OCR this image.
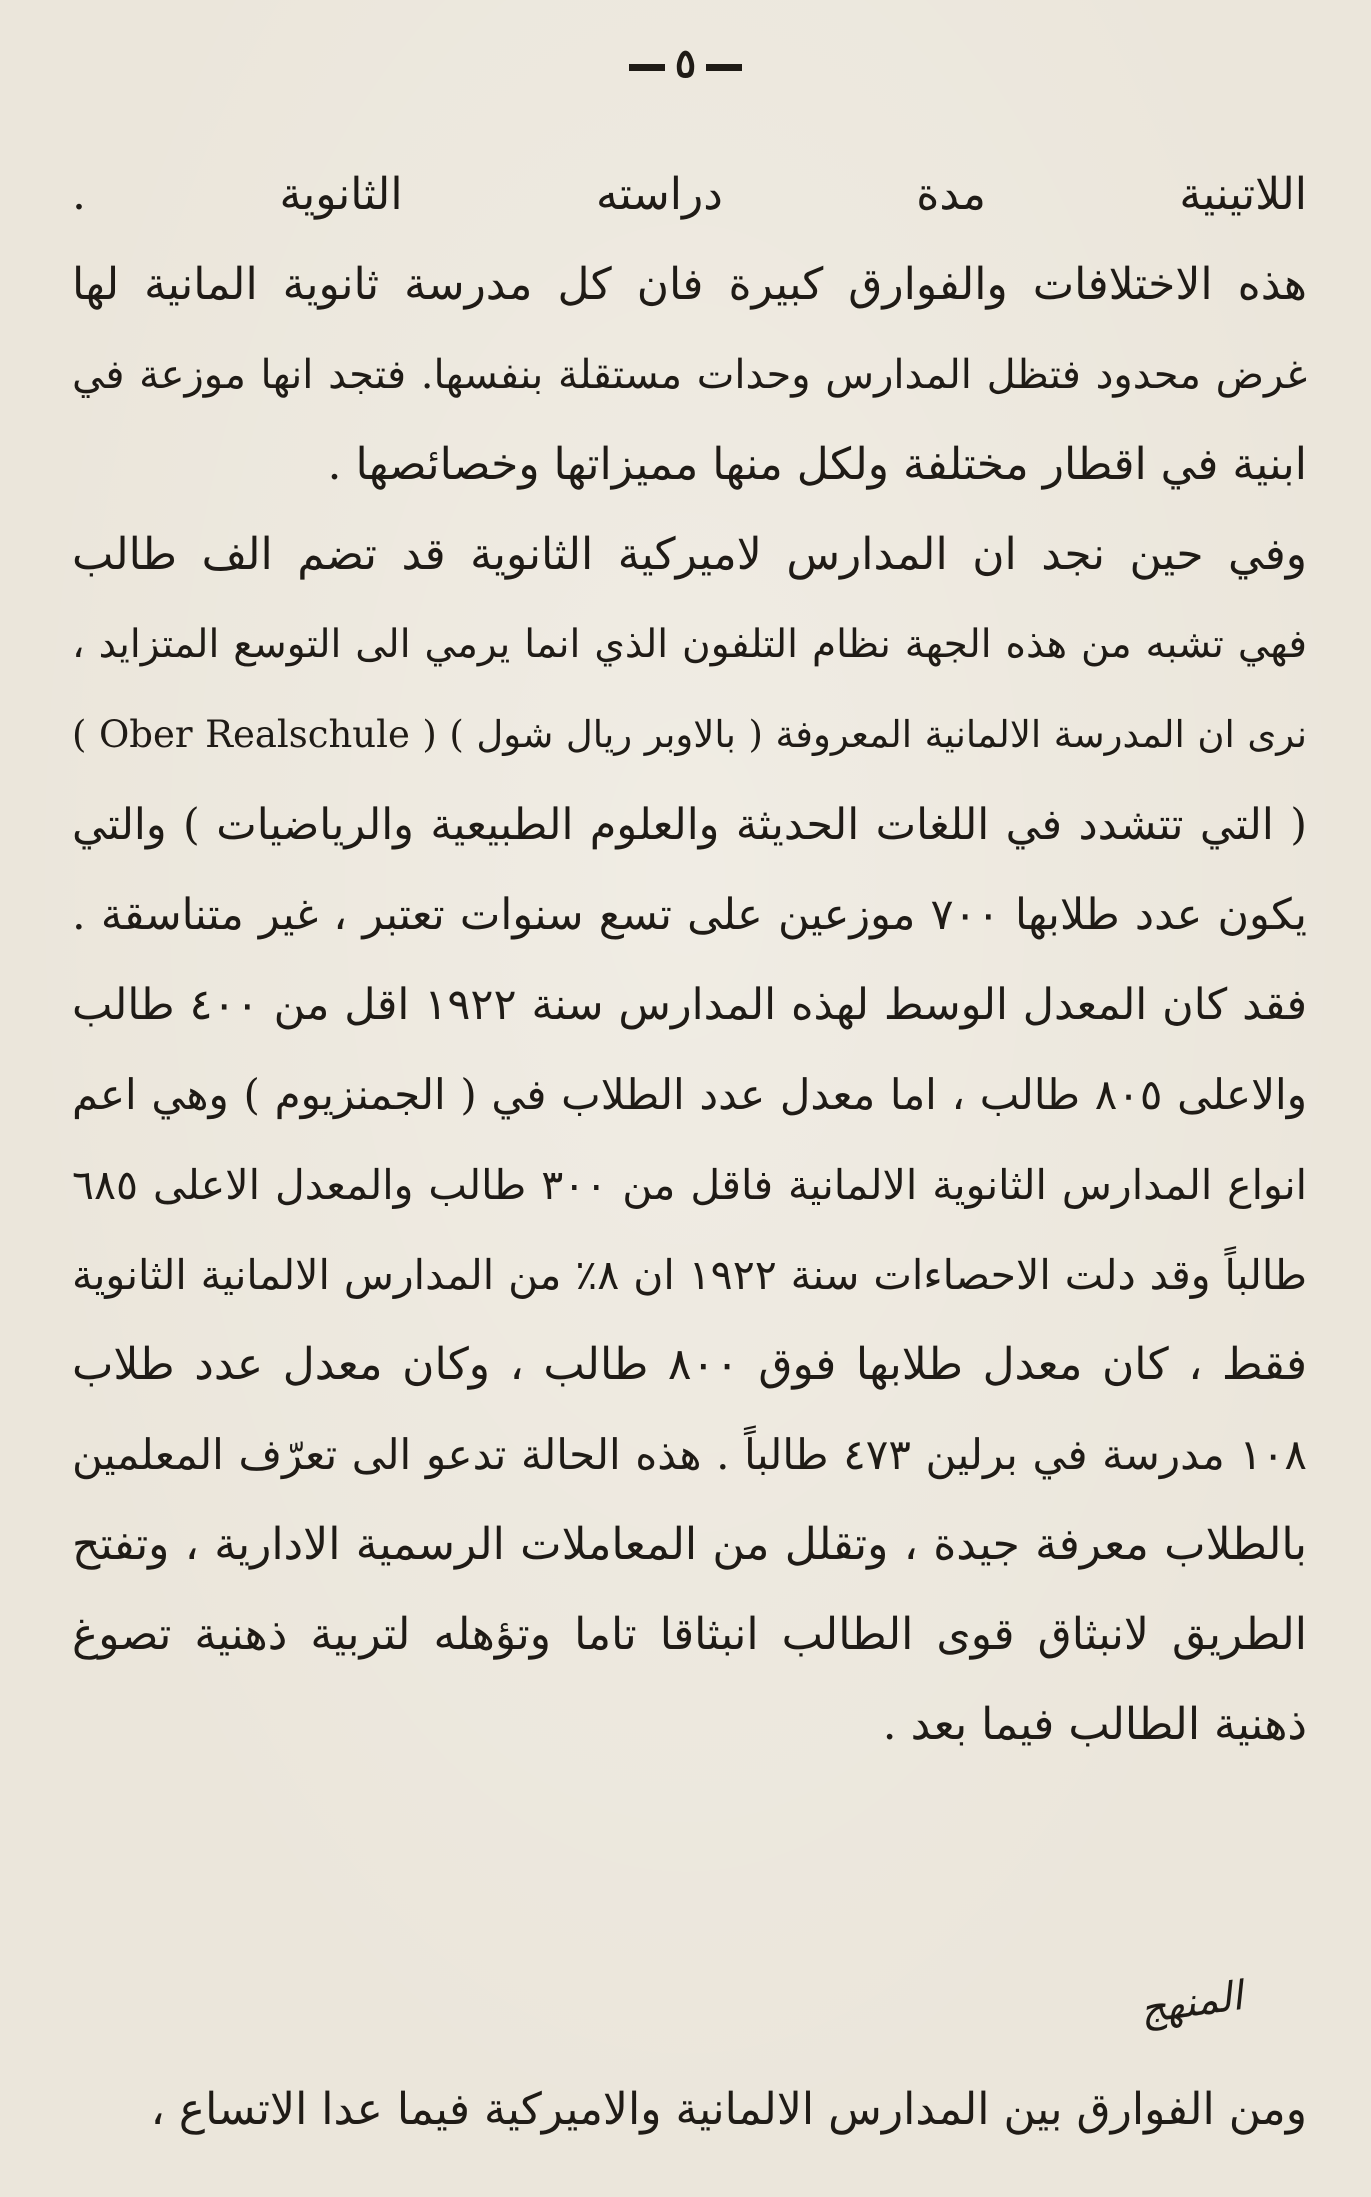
٥
اللاتينية مدة دراسته الثانوية .
هذه الاختلافات والفوارق كبيرة فان كل مدرسة ثانوية المانية لها
غرض محدود فتظل المدارس وحدات مستقلة بنفسها. فتجد انها موزعة في
ابنية في اقطار مختلفة ولكل منها مميزاتها وخصائصها .
وفي حين نجد ان المدارس لاميركية الثانوية قد تضم الف طالب
فهي تشبه من هذه الجهة نظام التلفون الذي انما يرمي الى التوسع المتزايد ،
نرى ان المدرسة الالمانية المعروفة ( بالاوبر ريال شول ) ( Ober Realschule )
( التي تتشدد في اللغات الحديثة والعلوم الطبيعية والرياضيات ) والتي
يكون عدد طلابها ٧٠٠ موزعين على تسع سنوات تعتبر ، غير متناسقة .
فقد كان المعدل الوسط لهذه المدارس سنة ١٩٢٢ اقل من ٤٠٠ طالب
والاعلى ٨٠٥ طالب ، اما معدل عدد الطلاب في ( الجمنزيوم ) وهي اعم
انواع المدارس الثانوية الالمانية فاقل من ٣٠٠ طالب والمعدل الاعلى ٦٨٥
طالباً وقد دلت الاحصاءات سنة ١٩٢٢ ان ٨٪ من المدارس الالمانية الثانوية
فقط ، كان معدل طلابها فوق ٨٠٠ طالب ، وكان معدل عدد طلاب
١٠٨ مدرسة في برلين ٤٧٣ طالباً . هذه الحالة تدعو الى تعرّف المعلمين
بالطلاب معرفة جيدة ، وتقلل من المعاملات الرسمية الادارية ، وتفتح
الطريق لانبثاق قوى الطالب انبثاقا تاما وتؤهله لتربية ذهنية تصوغ
ذهنية الطالب فيما بعد .
المنهج
ومن الفوارق بين المدارس الالمانية والاميركية فيما عدا الاتساع ،
